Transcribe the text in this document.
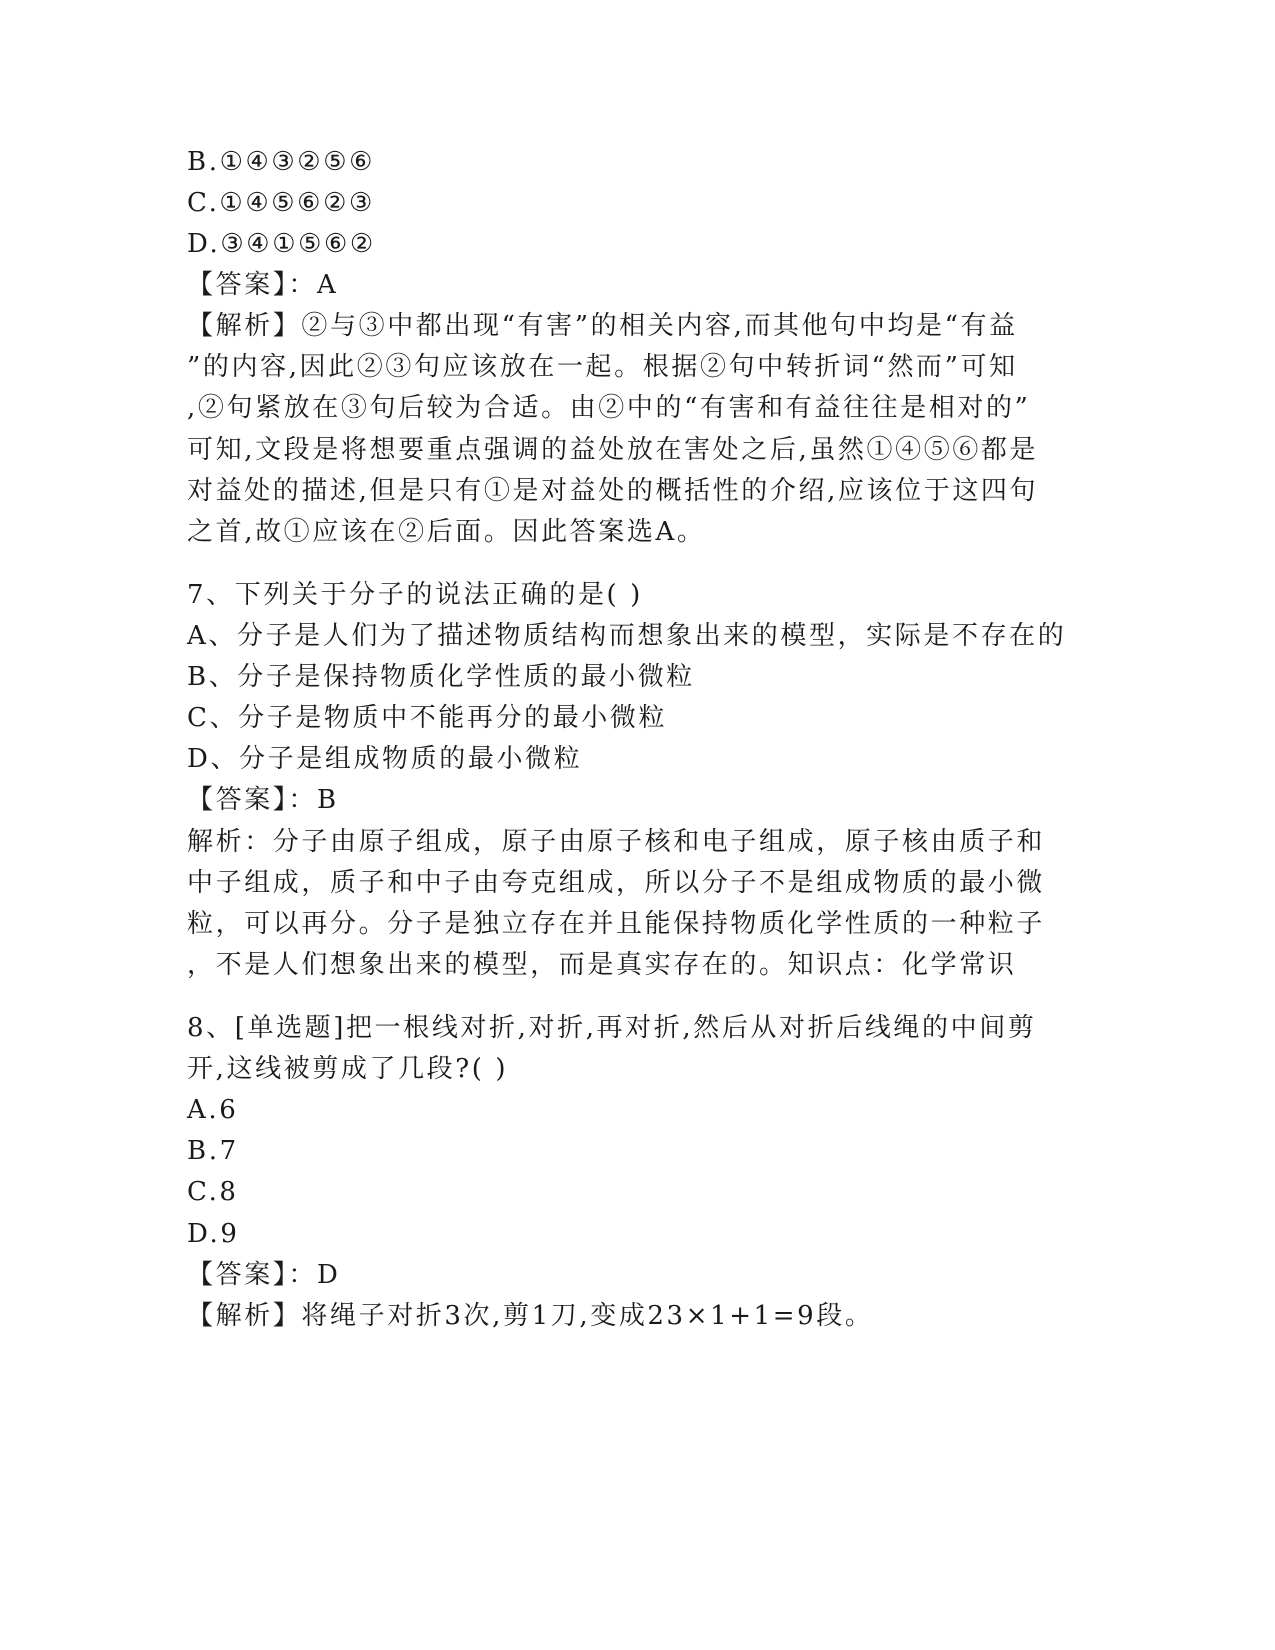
B.①④③②⑤⑥
C.①④⑤⑥②③
D.③④①⑤⑥②
【答案】：A
【解析】②与③中都出现“有害”的相关内容,而其他句中均是“有益
”的内容,因此②③句应该放在一起。根据②句中转折词“然而”可知
,②句紧放在③句后较为合适。由②中的“有害和有益往往是相对的”
可知,文段是将想要重点强调的益处放在害处之后,虽然①④⑤⑥都是
对益处的描述,但是只有①是对益处的概括性的介绍,应该位于这四句
之首,故①应该在②后面。因此答案选A。
7、下列关于分子的说法正确的是( )
A、分子是人们为了描述物质结构而想象出来的模型，实际是不存在的
B、分子是保持物质化学性质的最小微粒
C、分子是物质中不能再分的最小微粒
D、分子是组成物质的最小微粒
【答案】：B
解析：分子由原子组成，原子由原子核和电子组成，原子核由质子和
中子组成，质子和中子由夸克组成，所以分子不是组成物质的最小微
粒，可以再分。分子是独立存在并且能保持物质化学性质的一种粒子
，不是人们想象出来的模型，而是真实存在的。知识点：化学常识
8、[单选题]把一根线对折,对折,再对折,然后从对折后线绳的中间剪
开,这线被剪成了几段?( )
A.6
B.7
C.8
D.9
【答案】：D
【解析】将绳子对折3次,剪1刀,变成23×1+1=9段。
